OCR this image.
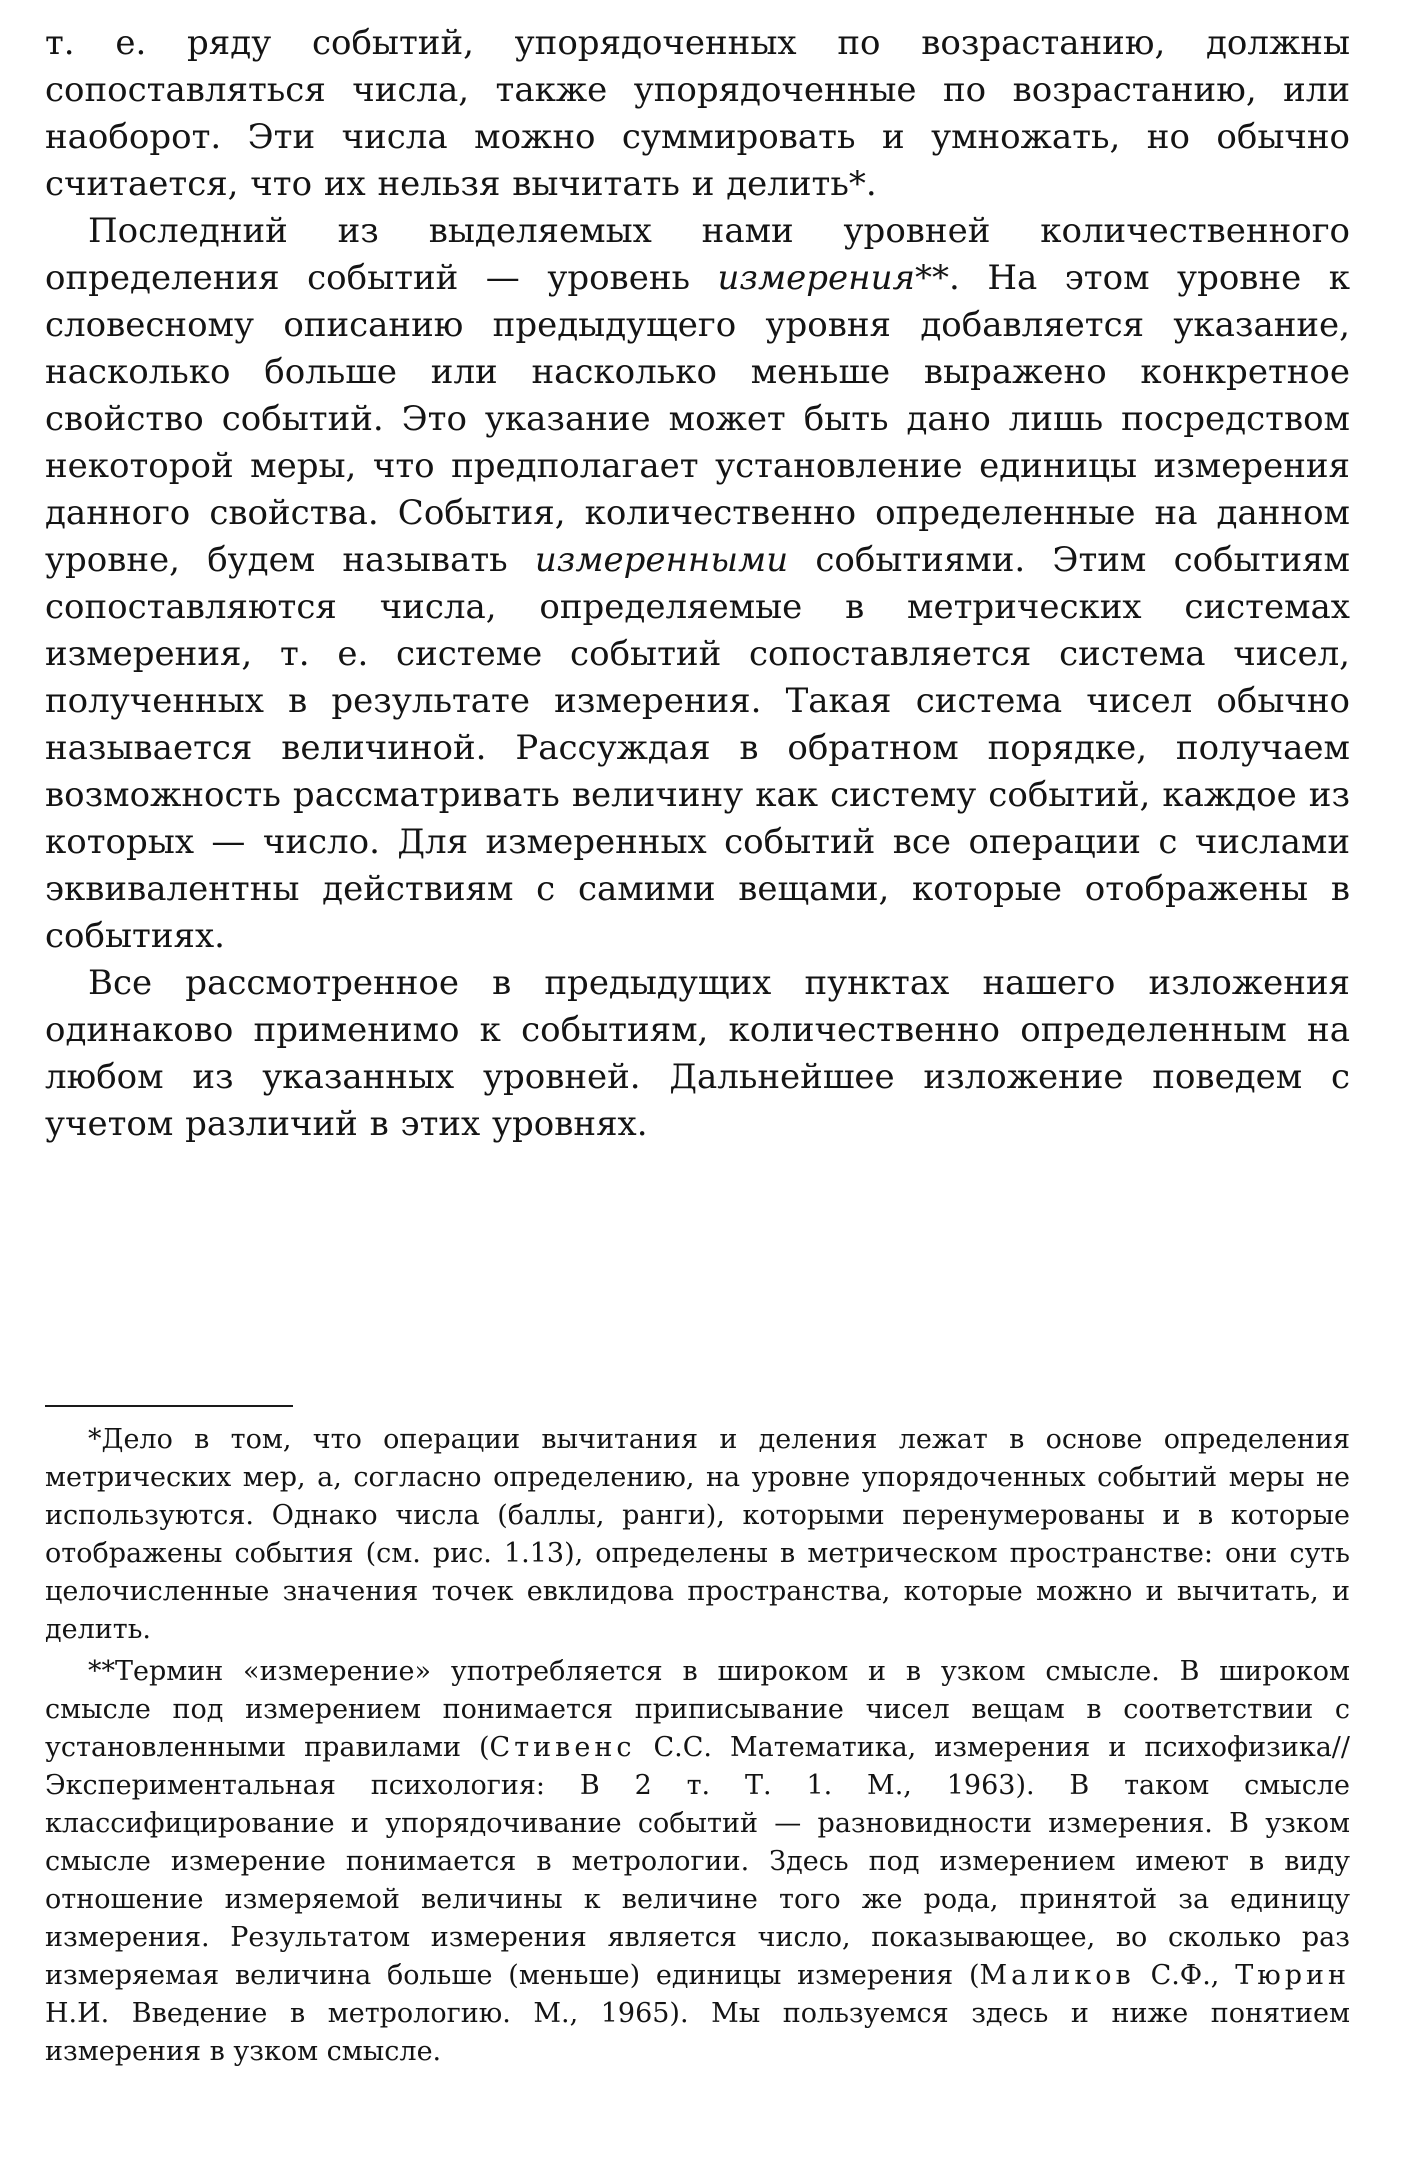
т. е. ряду событий, упорядоченных по возрастанию, должны сопоставляться числа, также упорядоченные по возрастанию, или наоборот. Эти числа можно суммировать и умножать, но обычно считается, что их нельзя вычитать и делить*.

Последний из выделяемых нами уровней количественного определения событий — уровень измерения**. На этом уровне к словесному описанию предыдущего уровня добавляется указание, насколько больше или насколько меньше выражено конкретное свойство событий. Это указание может быть дано лишь посредством некоторой меры, что предполагает установление единицы измерения данного свойства. События, количественно определенные на данном уровне, будем называть измеренными событиями. Этим событиям сопоставляются числа, определяемые в метрических системах измерения, т. е. системе событий сопоставляется система чисел, полученных в результате измерения. Такая система чисел обычно называется величиной. Рассуждая в обратном порядке, получаем возможность рассматривать величину как систему событий, каждое из которых — число. Для измеренных событий все операции с числами эквивалентны действиям с самими вещами, которые отображены в событиях.

Все рассмотренное в предыдущих пунктах нашего изложения одинаково применимо к событиям, количественно определенным на любом из указанных уровней. Дальнейшее изложение поведем с учетом различий в этих уровнях.

*Дело в том, что операции вычитания и деления лежат в основе определения метрических мер, а, согласно определению, на уровне упорядоченных событий меры не используются. Однако числа (баллы, ранги), которыми перенумерованы и в которые отображены события (см. рис. 1.13), определены в метрическом пространстве: они суть целочисленные значения точек евклидова пространства, которые можно и вычитать, и делить.

**Термин «измерение» употребляется в широком и в узком смысле. В широком смысле под измерением понимается приписывание чисел вещам в соответствии с установленными правилами (Стивенс С.С. Математика, измерения и психофизика// Экспериментальная психология: В 2 т. Т. 1. М., 1963). В таком смысле классифицирование и упорядочивание событий — разновидности измерения. В узком смысле измерение понимается в метрологии. Здесь под измерением имеют в виду отношение измеряемой величины к величине того же рода, принятой за единицу измерения. Результатом измерения является число, показывающее, во сколько раз измеряемая величина больше (меньше) единицы измерения (Маликов С.Ф., Тюрин Н.И. Введение в метрологию. М., 1965). Мы пользуемся здесь и ниже понятием измерения в узком смысле.
